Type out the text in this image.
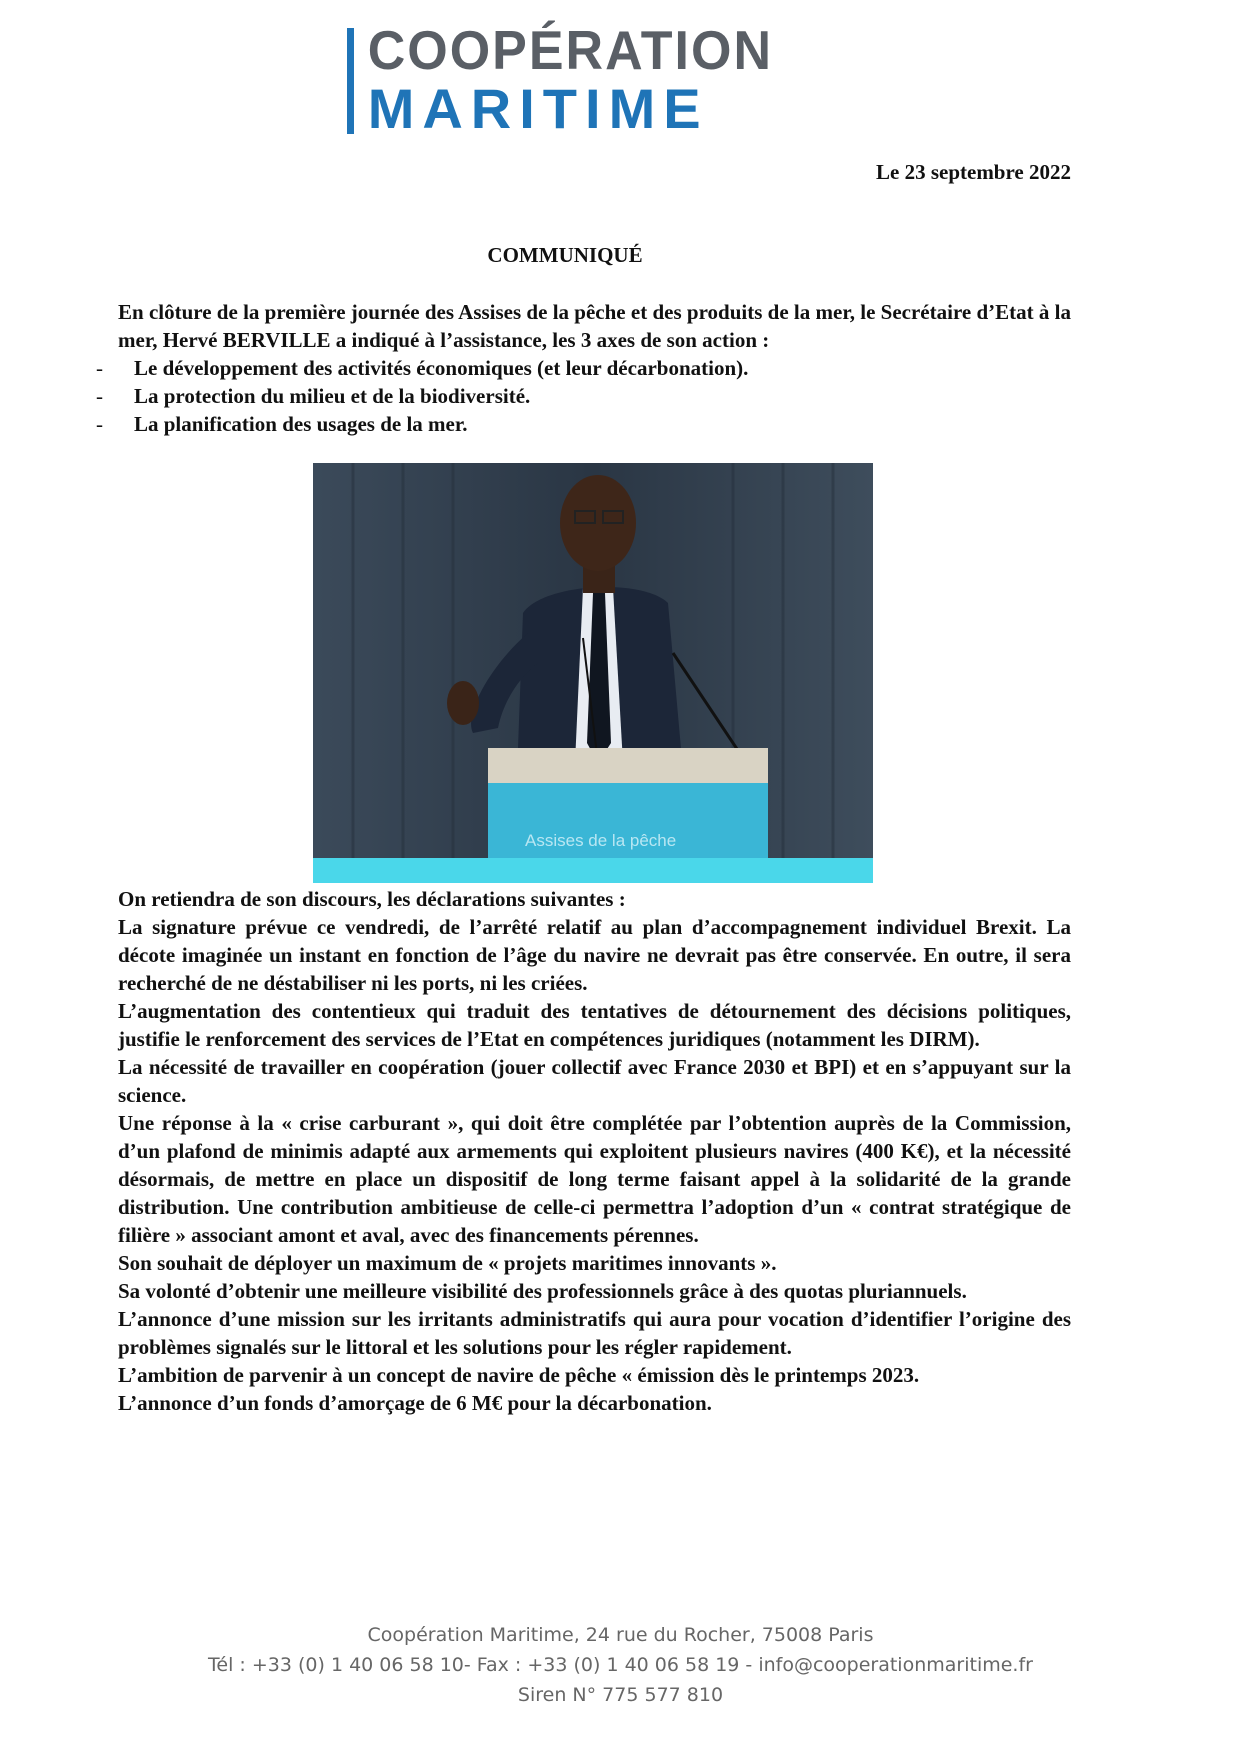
COOPÉRATION
MARITIME
Le 23 septembre 2022
COMMUNIQUÉ
En clôture de la première journée des Assises de la pêche et des produits de la mer, le Secrétaire d’Etat à la mer, Hervé BERVILLE a indiqué à l’assistance, les 3 axes de son action :
- Le développement des activités économiques (et leur décarbonation).
- La protection du milieu et de la biodiversité.
- La planification des usages de la mer.
Assises de la pêche

On retiendra de son discours, les déclarations suivantes :

La signature prévue ce vendredi, de l’arrêté relatif au plan d’accompagnement individuel Brexit. La décote imaginée un instant en fonction de l’âge du navire ne devrait pas être conservée. En outre, il sera recherché de ne déstabiliser ni les ports, ni les criées.

L’augmentation des contentieux qui traduit des tentatives de détournement des décisions politiques, justifie le renforcement des services de l’Etat en compétences juridiques (notamment les DIRM).

La nécessité de travailler en coopération (jouer collectif avec France 2030 et BPI) et en s’appuyant sur la science.

Une réponse à la « crise carburant », qui doit être complétée par l’obtention auprès de la Commission, d’un plafond de minimis adapté aux armements qui exploitent plusieurs navires (400 K€), et la nécessité désormais, de mettre en place un dispositif de long terme faisant appel à la solidarité de la grande distribution. Une contribution ambitieuse de celle-ci permettra l’adoption d’un « contrat stratégique de filière » associant amont et aval, avec des financements pérennes.

Son souhait de déployer un maximum de « projets maritimes innovants ».

Sa volonté d’obtenir une meilleure visibilité des professionnels grâce à des quotas pluriannuels.

L’annonce d’une mission sur les irritants administratifs qui aura pour vocation d’identifier l’origine des problèmes signalés sur le littoral et les solutions pour les régler rapidement.

L’ambition de parvenir à un concept de navire de pêche « émission dès le printemps 2023.

L’annonce d’un fonds d’amorçage de 6 M€ pour la décarbonation.

Coopération Maritime, 24 rue du Rocher, 75008 Paris
Tél : +33 (0) 1 40 06 58 10- Fax : +33 (0) 1 40 06 58 19 - info@cooperationmaritime.fr
Siren N° 775 577 810
